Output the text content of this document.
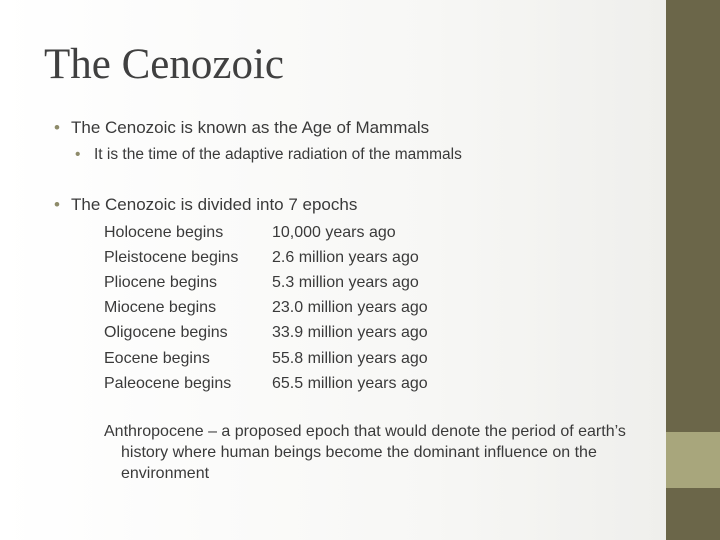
The Cenozoic
• The Cenozoic is known as the Age of Mammals
• It is the time of the adaptive radiation of the mammals
• The Cenozoic is divided into 7 epochs
Holocene begins	10,000 years ago
Pleistocene begins	2.6 million years ago
Pliocene begins	5.3 million years ago
Miocene begins	23.0 million years ago
Oligocene begins	33.9 million years ago
Eocene begins	55.8 million years ago
Paleocene begins	65.5 million years ago

Anthropocene – a proposed epoch that would denote the period of earth’s history where human beings become the dominant influence on the environment
